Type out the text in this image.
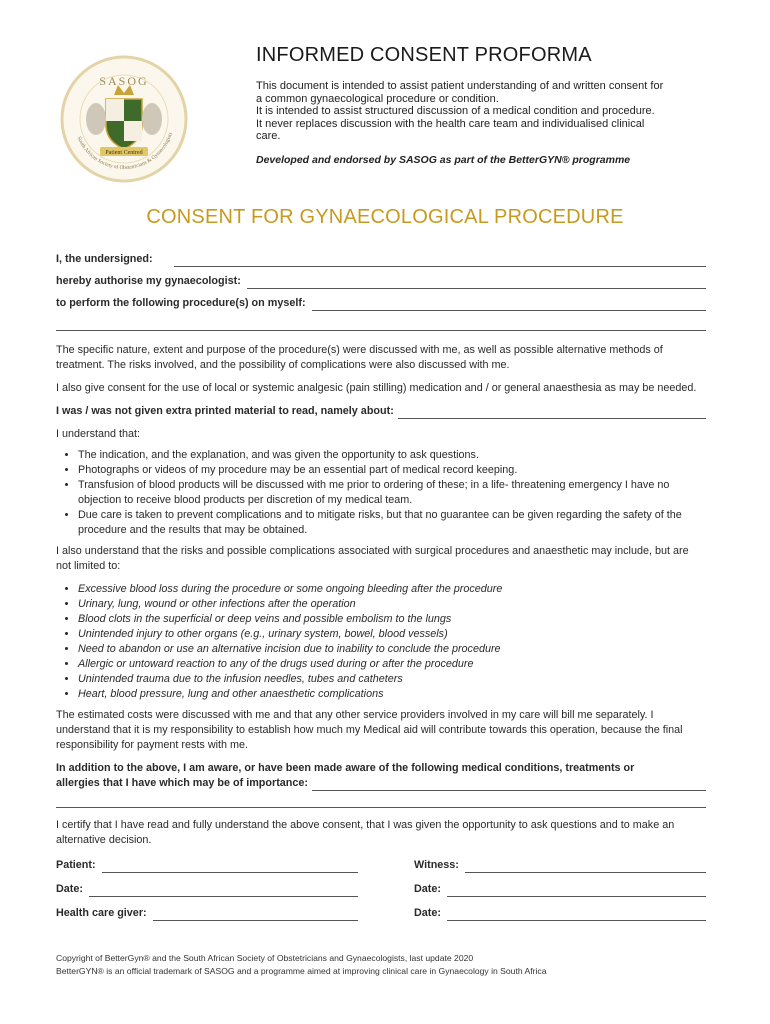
SASOG
Patient Centred
South African Society of Obstetricians & Gynaecologists
INFORMED CONSENT PROFORMA

This document is intended to assist patient understanding of and written consent for

a common gynaecological procedure or condition.

It is intended to assist structured discussion of a medical condition and procedure.

It never replaces discussion with the health care team and individualised clinical

care.

Developed and endorsed by SASOG as part of the BetterGYN® programme
CONSENT FOR GYNAECOLOGICAL PROCEDURE
I, the undersigned:
hereby authorise my gynaecologist:
to perform the following procedure(s) on myself:

The specific nature, extent and purpose of the procedure(s) were discussed with me, as well as possible alternative methods of treatment. The risks involved, and the possibility of complications were also discussed with me.

I also give consent for the use of local or systemic analgesic (pain stilling) medication and / or general anaesthesia as may be needed.

I was / was not given extra printed material to read, namely about:

I understand that:

• The indication, and the explanation, and was given the opportunity to ask questions.
• Photographs or videos of my procedure may be an essential part of medical record keeping.
• Transfusion of blood products will be discussed with me prior to ordering of these; in a life- threatening emergency I have no objection to receive blood products per discretion of my medical team.
• Due care is taken to prevent complications and to mitigate risks, but that no guarantee can be given regarding the safety of the procedure and the results that may be obtained.

I also understand that the risks and possible complications associated with surgical procedures and anaesthetic may include, but are not limited to:

• Excessive blood loss during the procedure or some ongoing bleeding after the procedure
• Urinary, lung, wound or other infections after the operation
• Blood clots in the superficial or deep veins and possible embolism to the lungs
• Unintended injury to other organs (e.g., urinary system, bowel, blood vessels)
• Need to abandon or use an alternative incision due to inability to conclude the procedure
• Allergic or untoward reaction to any of the drugs used during or after the procedure
• Unintended trauma due to the infusion needles, tubes and catheters
• Heart, blood pressure, lung and other anaesthetic complications

The estimated costs were discussed with me and that any other service providers involved in my care will bill me separately. I understand that it is my responsibility to establish how much my Medical aid will contribute towards this operation, because the final responsibility for payment rests with me.

In addition to the above, I am aware, or have been made aware of the following medical conditions, treatments or

allergies that I have which may be of importance:

I certify that I have read and fully understand the above consent, that I was given the opportunity to ask questions and to make an alternative decision.

Patient:	Witness:
Date:	Date:
Health care giver:	Date:

Copyright of BetterGyn® and the South African Society of Obstetricians and Gynaecologists, last update 2020

BetterGYN® is an official trademark of SASOG and a programme aimed at improving clinical care in Gynaecology in South Africa
